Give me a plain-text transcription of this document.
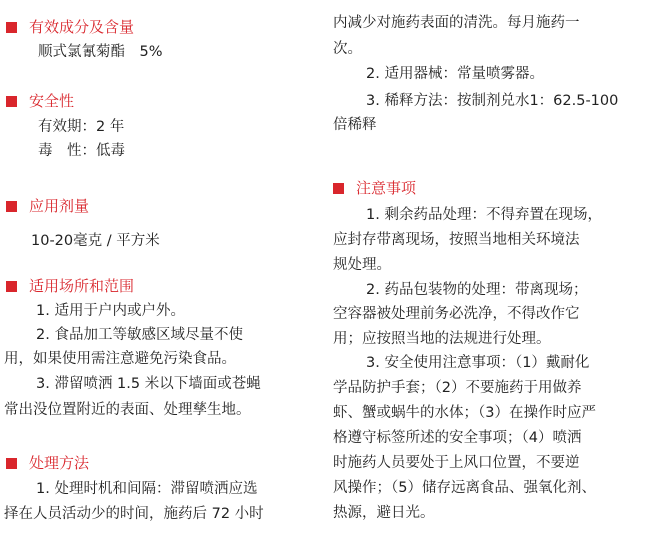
有效成分及含量
顺式氯氰菊酯　5%
安全性
有效期：2 年
毒　性：低毒
应用剂量
10-20毫克 / 平方米
适用场所和范围
1. 适用于户内或户外。
2. 食品加工等敏感区域尽量不使
用，如果使用需注意避免污染食品。
3. 滞留喷洒 1.5 米以下墙面或苍蝇
常出没位置附近的表面、处理孳生地。
处理方法
1. 处理时机和间隔：滞留喷洒应选
择在人员活动少的时间，施药后 72 小时
内减少对施药表面的清洗。每月施药一
次。
2. 适用器械：常量喷雾器。
3. 稀释方法：按制剂兑水1：62.5-100
倍稀释
注意事项
1. 剩余药品处理：不得弃置在现场，
应封存带离现场，按照当地相关环境法
规处理。
2. 药品包装物的处理：带离现场；
空容器被处理前务必洗净，不得改作它
用；应按照当地的法规进行处理。
3. 安全使用注意事项：（1）戴耐化
学品防护手套；（2）不要施药于用做养
虾、蟹或蜗牛的水体；（3）在操作时应严
格遵守标签所述的安全事项；（4）喷洒
时施药人员要处于上风口位置，不要逆
风操作；（5）储存远离食品、强氧化剂、
热源，避日光。
